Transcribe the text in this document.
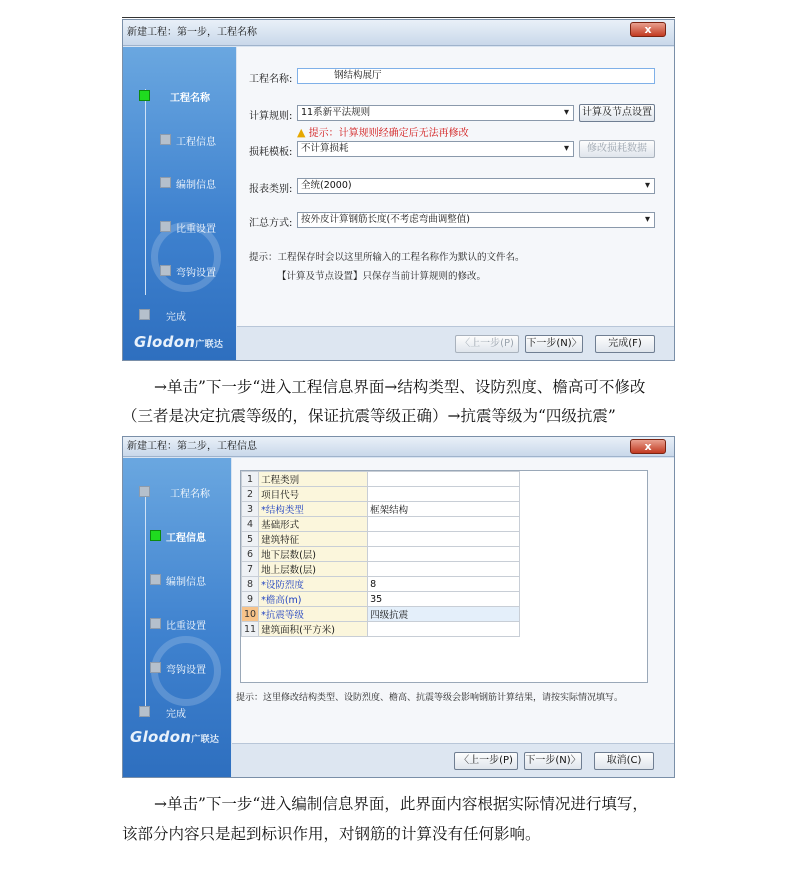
新建工程：第一步，工程名称	x
工程名称
工程信息
编制信息
比重设置
弯钩设置
完成
Glodon广联达
工程名称:	钢结构展厅
计算规则: 11系新平法规则 ▾	计算及节点设置
▲ 提示：计算规则经确定后无法再修改
损耗模板: 不计算损耗 ▾	修改损耗数据
报表类别: 全统(2000) ▾
汇总方式: 按外皮计算钢筋长度(不考虑弯曲调整值) ▾
提示：工程保存时会以这里所输入的工程名称作为默认的文件名。
【计算及节点设置】只保存当前计算规则的修改。
〈上一步(P)	下一步(N)〉	完成(F)
→单击”下一步“进入工程信息界面→结构类型、设防烈度、檐高可不修改
（三者是决定抗震等级的，保证抗震等级正确）→抗震等级为“四级抗震”
新建工程：第二步，工程信息	x
工程名称
工程信息
编制信息
比重设置
弯钩设置
完成
Glodon广联达
1	工程类别	
2	项目代号	
3	*结构类型	框架结构
4	基础形式	
5	建筑特征	
6	地下层数(层)	
7	地上层数(层)	
8	*设防烈度	8
9	*檐高(m)	35
10	*抗震等级	四级抗震
11	建筑面积(平方米)	
提示：这里修改结构类型、设防烈度、檐高、抗震等级会影响钢筋计算结果，请按实际情况填写。
〈上一步(P)	下一步(N)〉	取消(C)
→单击”下一步“进入编制信息界面，此界面内容根据实际情况进行填写，
该部分内容只是起到标识作用，对钢筋的计算没有任何影响。
